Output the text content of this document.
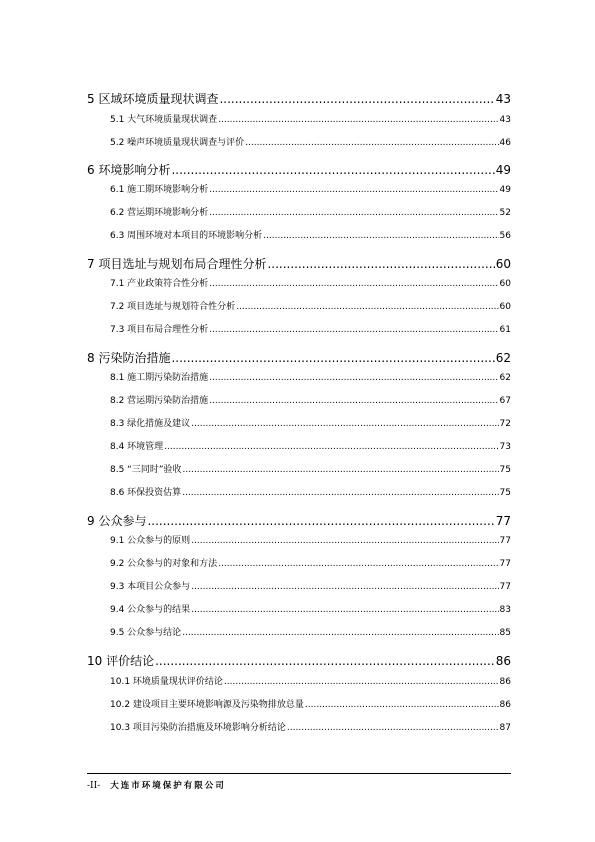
5 区域环境质量现状调查 .....	43
5.1 大气环境质量现状调查 .....	43
5.2 噪声环境质量现状调查与评价 .....	46
6 环境影响分析 .....	49
6.1 施工期环境影响分析 .....	49
6.2 营运期环境影响分析 .....	52
6.3 周围环境对本项目的环境影响分析 .....	56
7 项目选址与规划布局合理性分析 .....	60
7.1 产业政策符合性分析 .....	60
7.2 项目选址与规划符合性分析 .....	60
7.3 项目布局合理性分析 .....	61
8 污染防治措施 .....	62
8.1 施工期污染防治措施 .....	62
8.2 营运期污染防治措施 .....	67
8.3 绿化措施及建议 .....	72
8.4 环境管理 .....	73
8.5 “三同时”验收 .....	75
8.6 环保投资估算 .....	75
9 公众参与 .....	77
9.1 公众参与的原则 .....	77
9.2 公众参与的对象和方法 .....	77
9.3 本项目公众参与 .....	77
9.4 公众参与的结果 .....	83
9.5 公众参与结论 .....	85
10 评价结论 .....	86
10.1 环境质量现状评价结论 .....	86
10.2 建设项目主要环境影响源及污染物排放总量 .....	86
10.3 项目污染防治措施及环境影响分析结论 .....	87
-II- 大连市环境保护有限公司
